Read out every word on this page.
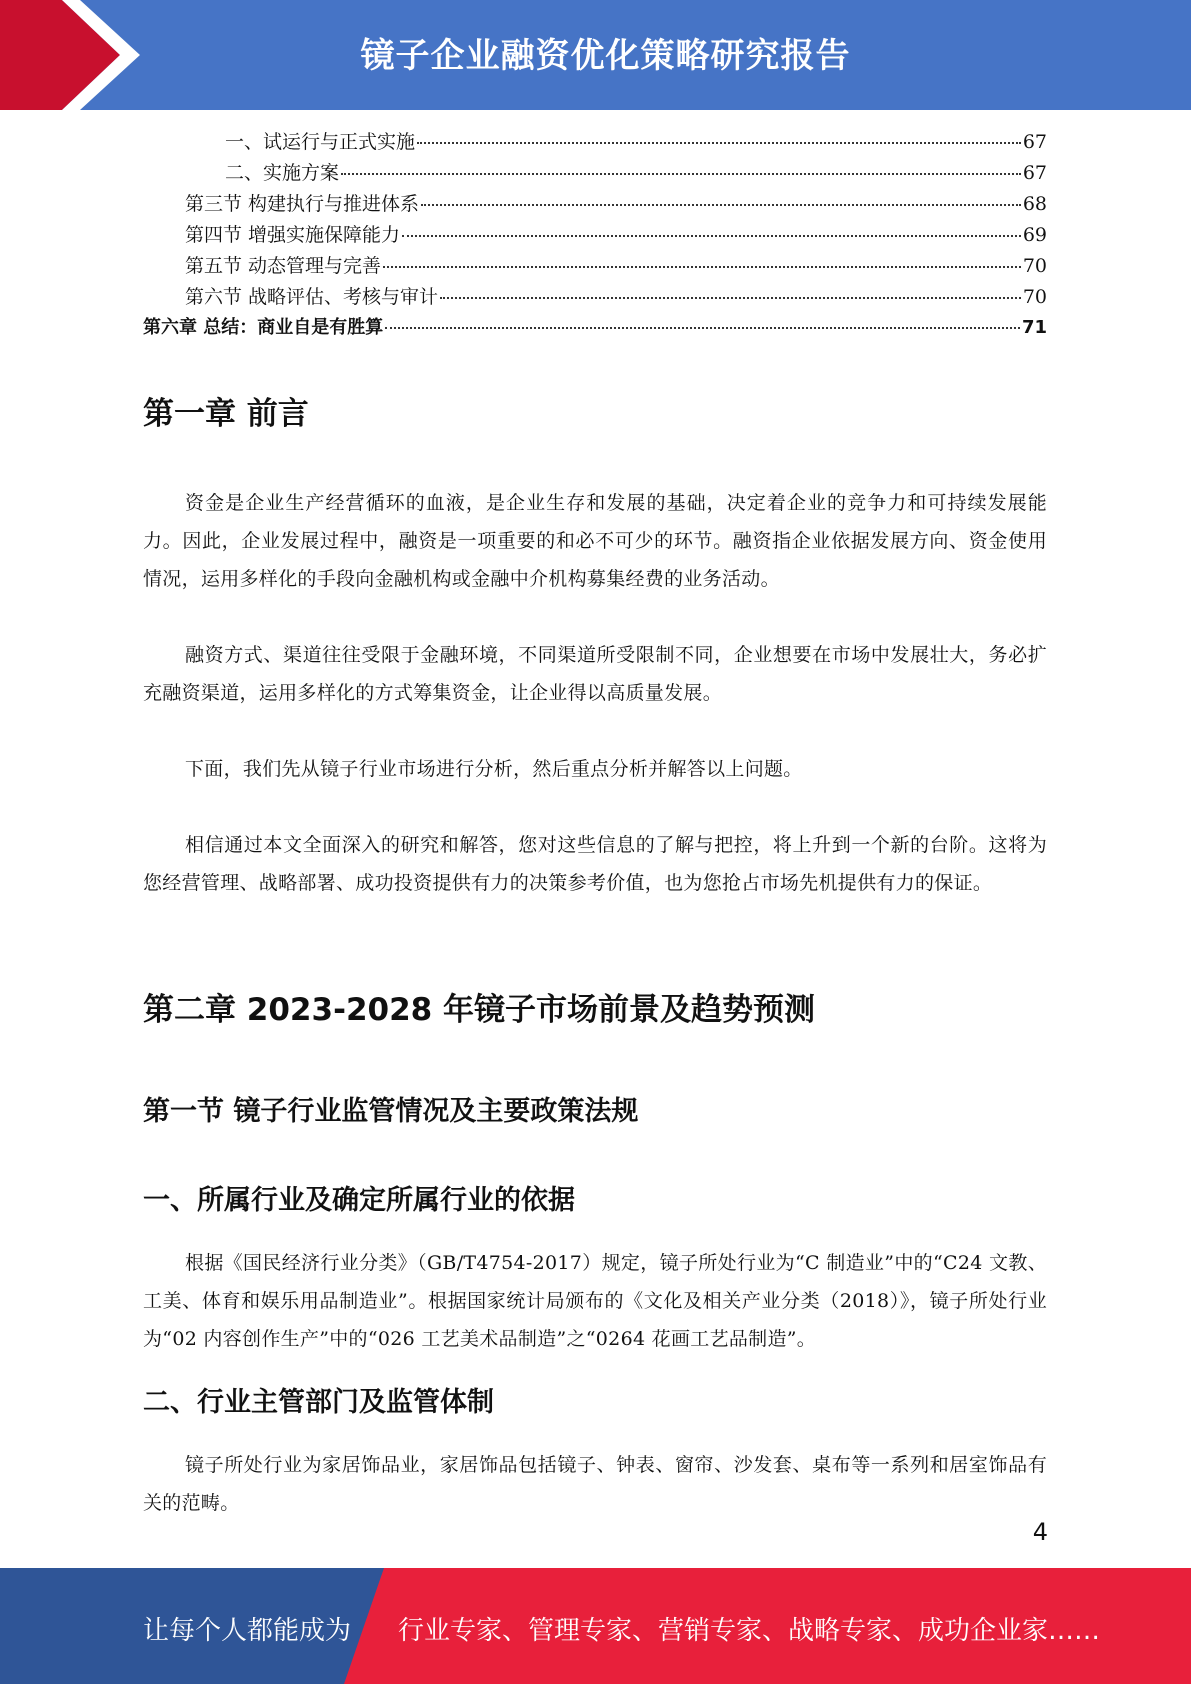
镜子企业融资优化策略研究报告
一、试运行与正式实施	67
二、实施方案	67
第三节 构建执行与推进体系	68
第四节 增强实施保障能力	69
第五节 动态管理与完善	70
第六节 战略评估、考核与审计	70
第六章 总结：商业自是有胜算	71
第一章 前言

资金是企业生产经营循环的血液，是企业生存和发展的基础，决定着企业的竞争力和可持续发展能力。因此，企业发展过程中，融资是一项重要的和必不可少的环节。融资指企业依据发展方向、资金使用情况，运用多样化的手段向金融机构或金融中介机构募集经费的业务活动。

融资方式、渠道往往受限于金融环境，不同渠道所受限制不同，企业想要在市场中发展壮大，务必扩充融资渠道，运用多样化的方式筹集资金，让企业得以高质量发展。

下面，我们先从镜子行业市场进行分析，然后重点分析并解答以上问题。

相信通过本文全面深入的研究和解答，您对这些信息的了解与把控，将上升到一个新的台阶。这将为您经营管理、战略部署、成功投资提供有力的决策参考价值，也为您抢占市场先机提供有力的保证。

第二章 2023-2028 年镜子市场前景及趋势预测
第一节 镜子行业监管情况及主要政策法规
一、所属行业及确定所属行业的依据

根据《国民经济行业分类》（GB/T4754-2017）规定，镜子所处行业为“C 制造业”中的“C24 文教、工美、体育和娱乐用品制造业”。根据国家统计局颁布的《文化及相关产业分类（2018）》，镜子所处行业为“02 内容创作生产”中的“026 工艺美术品制造”之“0264 花画工艺品制造”。

二、行业主管部门及监管体制

镜子所处行业为家居饰品业，家居饰品包括镜子、钟表、窗帘、沙发套、桌布等一系列和居室饰品有关的范畴。

4
让每个人都能成为 行业专家、管理专家、营销专家、战略专家、成功企业家……
